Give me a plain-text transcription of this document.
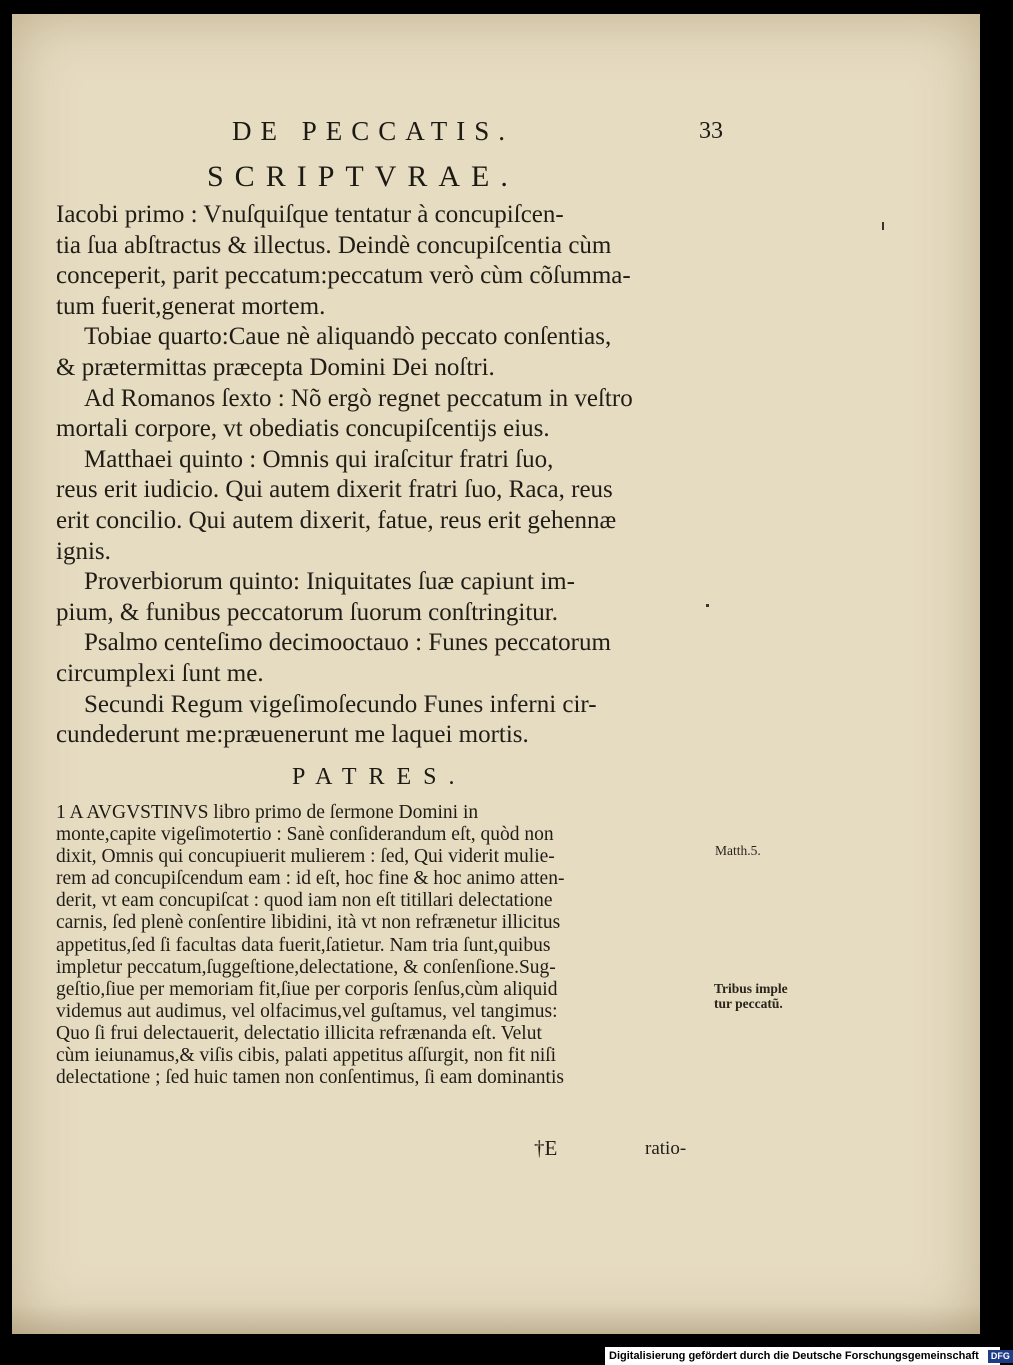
DE PECCATIS.	33
SCRIPTVRAE.
Iacobi primo : Vnuſquiſque tentatur à concupiſcen-
tia ſua abſtractus & illectus. Deindè concupiſcentia cùm
conceperit, parit peccatum:peccatum verò cùm cõſumma-
tum fuerit,generat mortem.
Tobiae quarto:Caue nè aliquandò peccato conſentias,
& prætermittas præcepta Domini Dei noſtri.
Ad Romanos ſexto : Nõ ergò regnet peccatum in veſtro
mortali corpore, vt obediatis concupiſcentijs eius.
Matthaei quinto : Omnis qui iraſcitur fratri ſuo,
reus erit iudicio. Qui autem dixerit fratri ſuo, Raca, reus
erit concilio. Qui autem dixerit, fatue, reus erit gehennæ
ignis.
Proverbiorum quinto: Iniquitates ſuæ capiunt im-
pium, & funibus peccatorum ſuorum conſtringitur.
Psalmo centeſimo decimooctauo : Funes peccatorum
circumplexi ſunt me.
Secundi Regum vigeſimoſecundo Funes inferni cir-
cundederunt me:præuenerunt me laquei mortis.
PATRES.
1 A AVGVSTINVS libro primo de ſermone Domini in
monte,capite vigeſimotertio : Sanè conſiderandum eſt, quòd non
dixit, Omnis qui concupiuerit mulierem : ſed, Qui viderit mulie-
rem ad concupiſcendum eam : id eſt, hoc fine & hoc animo atten-
derit, vt eam concupiſcat : quod iam non eſt titillari delectatione
carnis, ſed plenè conſentire libidini, ità vt non refrænetur illicitus
appetitus,ſed ſi facultas data fuerit,ſatietur. Nam tria ſunt,quibus
impletur peccatum,ſuggeſtione,delectatione, & conſenſione.Sug-
geſtio,ſiue per memoriam fit,ſiue per corporis ſenſus,cùm aliquid
videmus aut audimus, vel olfacimus,vel guſtamus, vel tangimus:
Quo ſi frui delectauerit, delectatio illicita refrænanda eſt. Velut
cùm ieiunamus,& viſis cibis, palati appetitus aſſurgit, non fit niſi
delectatione ; ſed huic tamen non conſentimus, ſi eam dominantis
Matth.5.
Tribus imple
tur peccatũ.
†E	ratio-
Digitalisierung gefördert durch die Deutsche Forschungsgemeinschaft DFG
